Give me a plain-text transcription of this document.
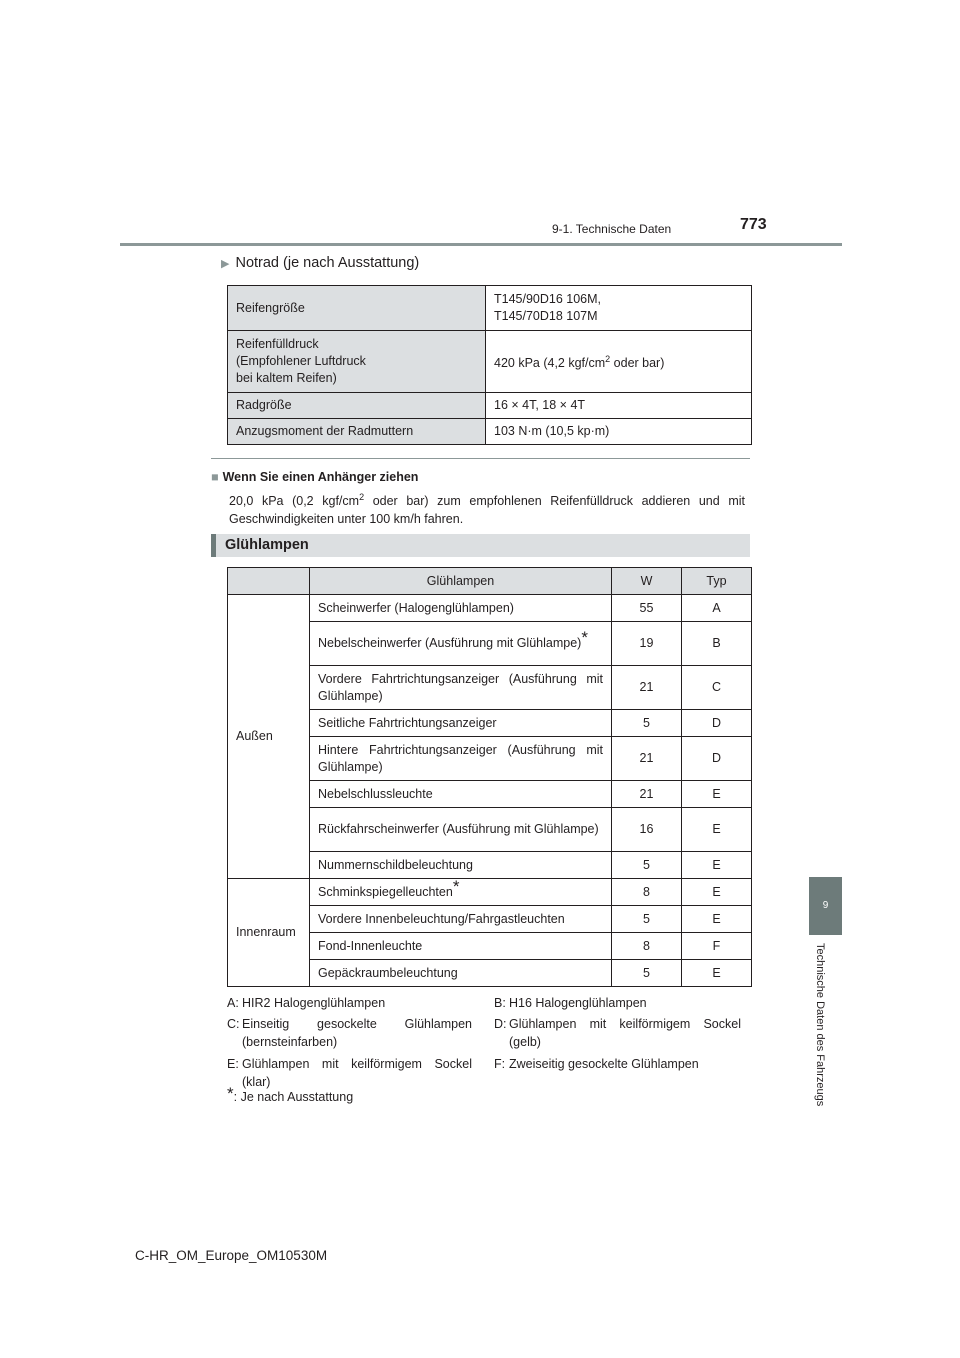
9-1. Technische Daten	773
9
Technische Daten des Fahrzeugs
▶ Notrad (je nach Ausstattung)
Reifengröße	T145/90D16 106M,
T145/70D18 107M
Reifenfülldruck
(Empfohlener Luftdruck
bei kaltem Reifen)	420 kPa (4,2 kgf/$cm^2$ oder bar)
Radgröße	16 × 4T, 18 × 4T
Anzugsmoment der Radmuttern	103 N·m (10,5 kp·m)
■ Wenn Sie einen Anhänger ziehen
20,0 kPa (0,2 kgf/$cm^2$ oder bar) zum empfohlenen Reifenfülldruck addieren und mit Geschwindigkeiten unter 100 km/h fahren.
Glühlampen
	Glühlampen	W	Typ
Außen	Scheinwerfer (Halogenglühlampen)	55	A
	Nebelscheinwerfer (Ausführung mit Glühlampe)*	19	B
	Vordere Fahrtrichtungsanzeiger (Ausführung mit Glühlampe)	21	C
	Seitliche Fahrtrichtungsanzeiger	5	D
	Hintere Fahrtrichtungsanzeiger (Ausführung mit Glühlampe)	21	D
	Nebelschlussleuchte	21	E
	Rückfahrscheinwerfer (Ausführung mit Glühlampe)	16	E
	Nummernschildbeleuchtung	5	E
Innenraum	Schminkspiegelleuchten*	8	E
	Vordere Innenbeleuchtung/Fahrgastleuchten	5	E
	Fond-Innenleuchte	8	F
	Gepäckraumbeleuchtung	5	E
A: HIR2 Halogenglühlampen	B: H16 Halogenglühlampen
C: Einseitig gesockelte Glühlampen (bernsteinfarben)
D: Glühlampen mit keilförmigem Sockel (gelb)
E: Glühlampen mit keilförmigem Sockel (klar)
F: Zweiseitig gesockelte Glühlampen
*: Je nach Ausstattung
C-HR_OM_Europe_OM10530M
